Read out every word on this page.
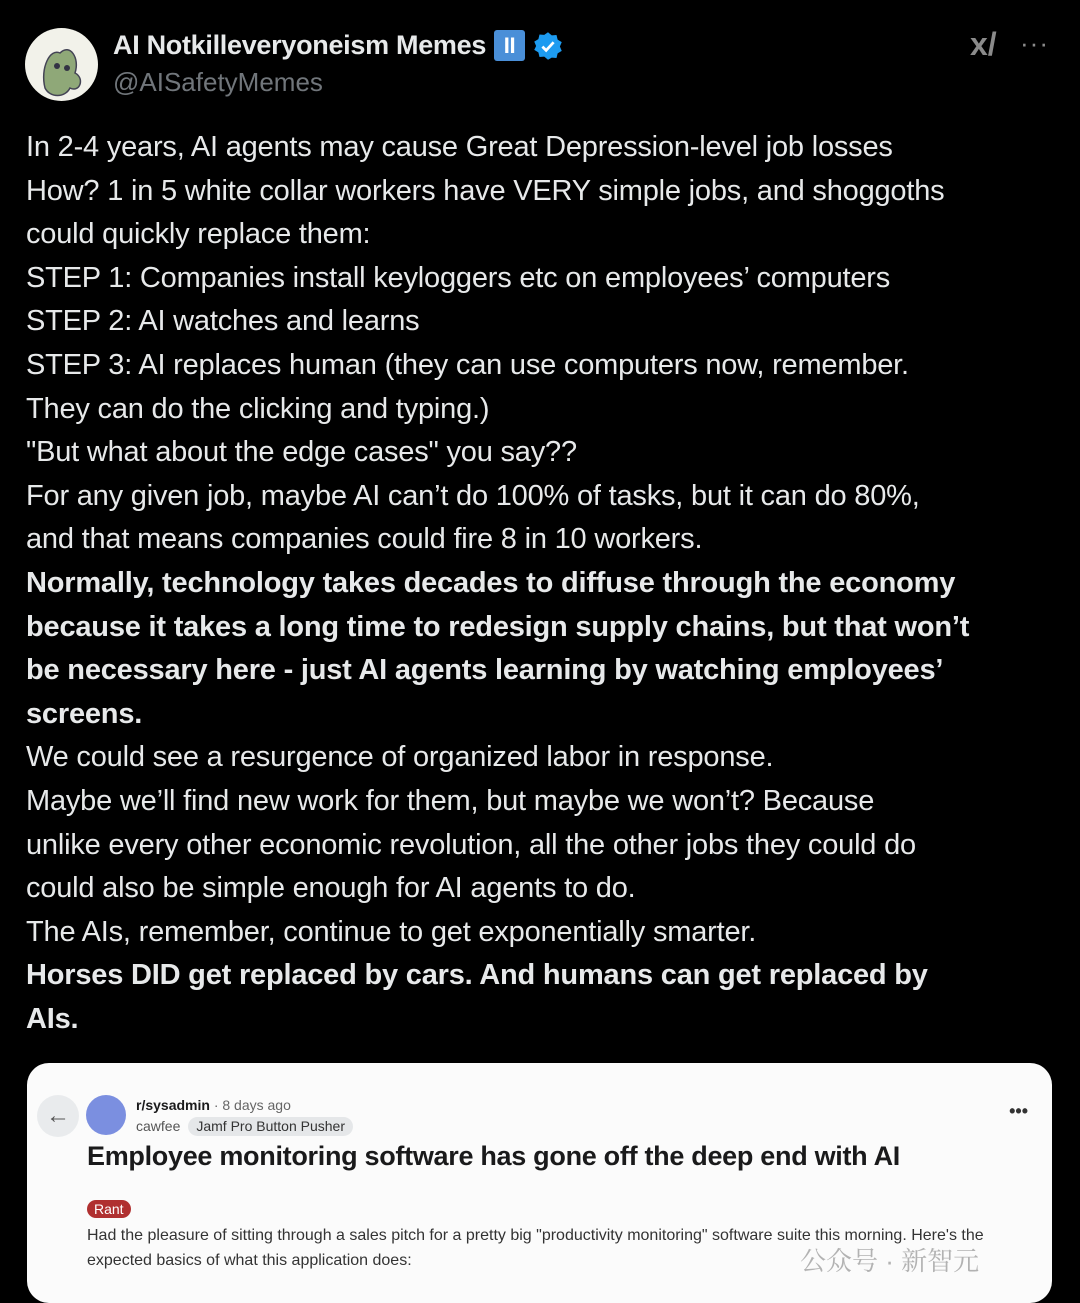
AI Notkilleveryoneism Memes II
@AISafetyMemes
x/ ···
In 2-4 years, AI agents may cause Great Depression-level job losses
How? 1 in 5 white collar workers have VERY simple jobs, and shoggoths
could quickly replace them:
STEP 1: Companies install keyloggers etc on employees’ computers
STEP 2: AI watches and learns
STEP 3: AI replaces human (they can use computers now, remember.
They can do the clicking and typing.)
"But what about the edge cases" you say??
For any given job, maybe AI can’t do 100% of tasks, but it can do 80%,
and that means companies could fire 8 in 10 workers.
Normally, technology takes decades to diffuse through the economy
because it takes a long time to redesign supply chains, but that won’t
be necessary here - just AI agents learning by watching employees’
screens.
We could see a resurgence of organized labor in response.
Maybe we’ll find new work for them, but maybe we won’t? Because
unlike every other economic revolution, all the other jobs they could do
could also be simple enough for AI agents to do.
The AIs, remember, continue to get exponentially smarter.
Horses DID get replaced by cars. And humans can get replaced by
AIs.
←	r/sysadmin · 8 days ago
cawfee	Jamf Pro Button Pusher
•••
Employee monitoring software has gone off the deep end with AI
Rant
Had the pleasure of sitting through a sales pitch for a pretty big "productivity monitoring" software suite this morning. Here's the expected basics of what this application does:	公众号 · 新智元
